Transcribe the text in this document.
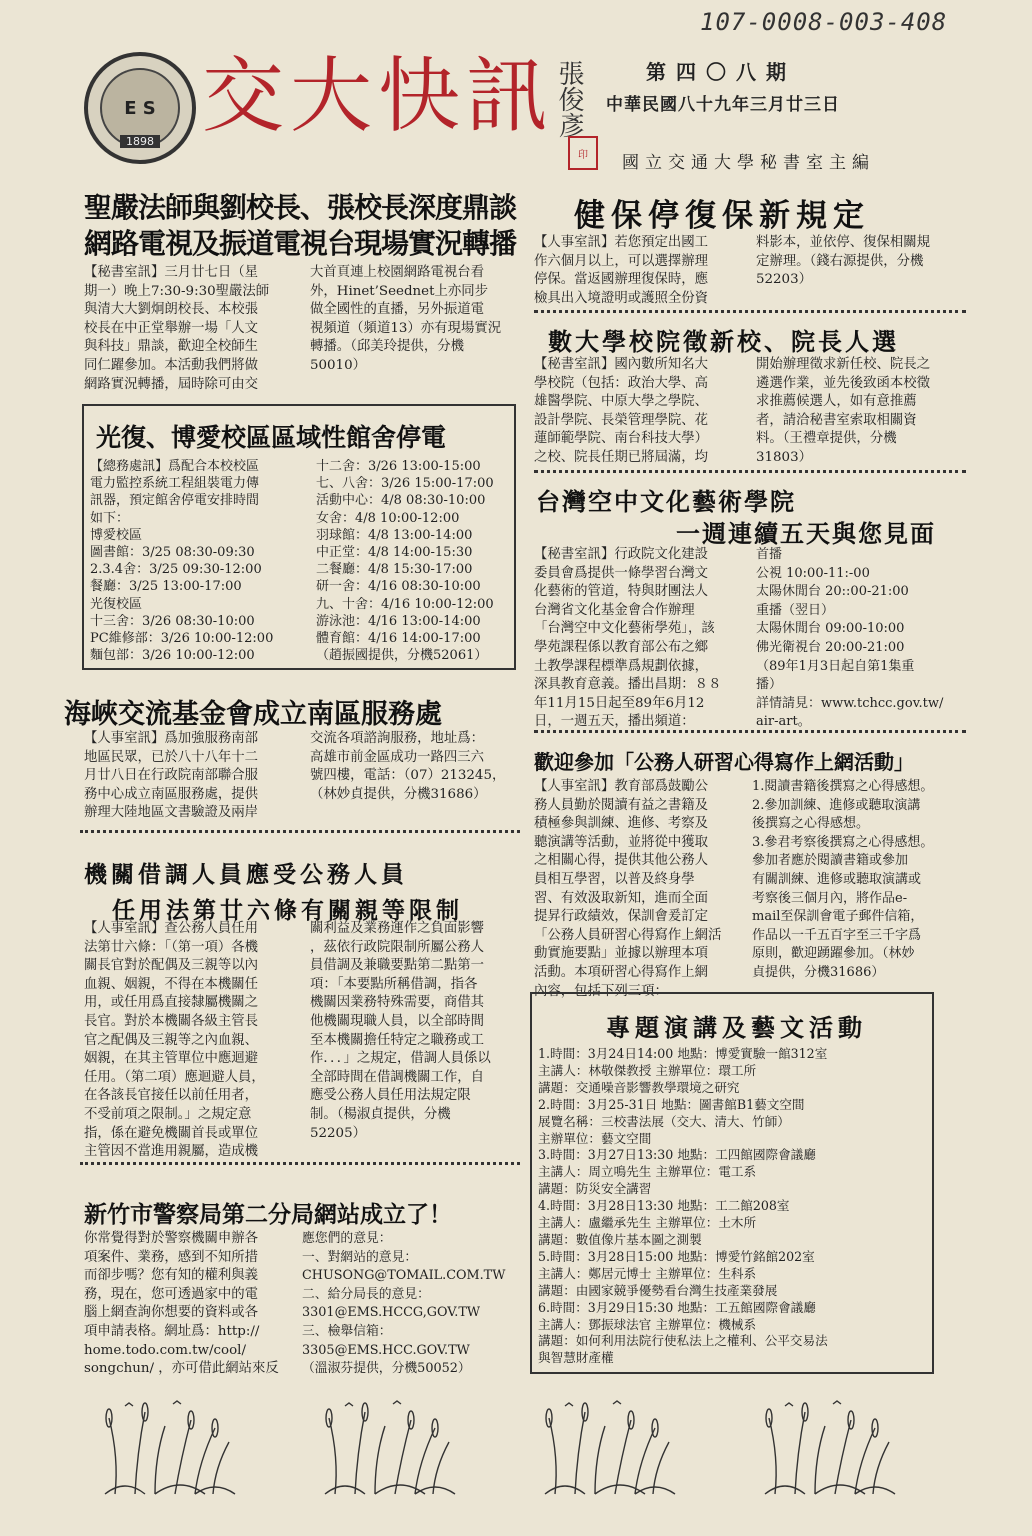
107-0008-003-408
E S
1898 交大快訊 張俊彥
印
第四〇八期
中華民國八十九年三月廿三日
國立交通大學秘書室主編
聖嚴法師與劉校長、張校長深度鼎談
網路電視及振道電視台現場實況轉播
【秘書室訊】三月廿七日（星
期一）晚上7:30-9:30聖嚴法師
與清大大劉炯朗校長、本校張
校長在中正堂舉辦一場「人文
與科技」鼎談，歡迎全校師生
同仁躍參加。本活動我們將做
網路實況轉播，屆時除可由交
大首頁連上校園網路電視台看
外，Hinet’Seednet上亦同步
做全國性的直播，另外振道電
視頻道（頻道13）亦有現場實況
轉播。（邱美玲提供，分機
50010）
光復、博愛校區區域性館舍停電
【總務處訊】爲配合本校校區
電力監控系統工程組裝電力傳
訊器，預定館舍停電安排時間
如下：
博愛校區
圖書館：3/25 08:30-09:30
2.3.4舍：3/25 09:30-12:00
餐廳：3/25 13:00-17:00
光復校區
十三舍：3/26 08:30-10:00
PC維修部：3/26 10:00-12:00
麵包部：3/26 10:00-12:00
十二舍：3/26 13:00-15:00
七、八舍：3/26 15:00-17:00
活動中心：4/8 08:30-10:00
女舍：4/8 10:00-12:00
羽球館：4/8 13:00-14:00
中正堂：4/8 14:00-15:30
二餐廳：4/8 15:30-17:00
研一舍：4/16 08:30-10:00
九、十舍：4/16 10:00-12:00
游泳池：4/16 13:00-14:00
體育館：4/16 14:00-17:00
（趙振國提供，分機52061）
海峽交流基金會成立南區服務處
【人事室訊】爲加強服務南部
地區民眾，已於八十八年十二
月廿八日在行政院南部聯合服
務中心成立南區服務處，提供
辦理大陸地區文書驗證及兩岸
交流各項諮詢服務，地址爲：
高雄市前金區成功一路四三六
號四樓，電話：（07）213245，
（林妙貞提供，分機31686）
機關借調人員應受公務人員
任用法第廿六條有關親等限制
【人事室訊】查公務人員任用
法第廿六條：「（第一項）各機
關長官對於配偶及三親等以內
血親、姻親，不得在本機關任
用，或任用爲直接隸屬機關之
長官。對於本機關各級主管長
官之配偶及三親等之內血親、
姻親，在其主管單位中應迴避
任用。（第二項）應迴避人員，
在各該長官接任以前任用者，
不受前項之限制。」之規定意
指，係在避免機關首長或單位
主管因不當進用親屬，造成機
關利益及業務運作之負面影響
，茲依行政院限制所屬公務人
員借調及兼職要點第二點第一
項：「本要點所稱借調，指各
機關因業務特殊需要，商借其
他機關現職人員，以全部時間
至本機關擔任特定之職務或工
作．．．」之規定，借調人員係以
全部時間在借調機關工作，自
應受公務人員任用法規定限
制。（楊淑貞提供，分機
52205）
新竹市警察局第二分局網站成立了！
你常覺得對於警察機關申辦各
項案件、業務，感到不知所措
而卻步嗎？您有知的權利與義
務，現在，您可透過家中的電
腦上網查詢你想要的資料或各
項申請表格。網址爲：http://
home.todo.com.tw/cool/
songchun/ ，亦可借此網站來反
應您們的意見：
一、對網站的意見：
CHUSONG@TOMAIL.COM.TW
二、給分局長的意見：
3301@EMS.HCCG,GOV.TW
三、檢舉信箱：
3305@EMS.HCC.GOV.TW
（溫淑芬提供，分機50052）
健保停復保新規定
【人事室訊】若您預定出國工
作六個月以上，可以選擇辦理
停保。當返國辦理復保時，應
檢具出入境證明或護照全份資
料影本，並依停、復保相關規
定辦理。（錢右源提供，分機
52203）
數大學校院徵新校、院長人選
【秘書室訊】國內數所知名大
學校院（包括：政治大學、高
雄醫學院、中原大學之學院、
設計學院、長榮管理學院、花
蓮師範學院、南台科技大學）
之校、院長任期已將屆滿，均
開始辦理徵求新任校、院長之
遴選作業，並先後致函本校徵
求推薦候選人，如有意推薦
者，請洽秘書室索取相關資
料。（王禮章提供，分機
31803）
台灣空中文化藝術學院
一週連續五天與您見面
【秘書室訊】行政院文化建設
委員會爲提供一條學習台灣文
化藝術的管道，特與財團法人
台灣省文化基金會合作辦理
「台灣空中文化藝術學苑」，該
學苑課程係以教育部公布之鄉
土教學課程標準爲規劃依據，
深具教育意義。播出昌期：８８
年11月15日起至89年6月12
日，一週五天，播出頻道：
首播
公視 10:00-11:-00
太陽休閒台 20::00-21:00
重播（翌日）
太陽休閒台 09:00-10:00
佛光衛視台 20:00-21:00
（89年1月3日起自第1集重
播）
詳情請見：www.tchcc.gov.tw/
air-art。
歡迎參加「公務人研習心得寫作上網活動」
【人事室訊】教育部爲鼓勵公
務人員勤於閱讀有益之書籍及
積極參與訓練、進修、考察及
聽演講等活動，並將從中獲取
之相關心得，提供其他公務人
員相互學習，以普及終身學
習、有效汲取新知，進而全面
提昇行政績效，保訓會爰訂定
「公務人員研習心得寫作上網活
動實施要點」並據以辦理本項
活動。本項研習心得寫作上網
內容，包括下列三項：
1.閱讀書籍後撰寫之心得感想。
2.參加訓練、進修或聽取演講
後撰寫之心得感想。
3.參君考察後撰寫之心得感想。
參加者應於閱讀書籍或參加
有關訓練、進修或聽取演講或
考察後三個月內，將作品e-
mail至保訓會電子郵件信箱，
作品以一千五百字至三千字爲
原則，歡迎踴躍參加。（林妙
貞提供，分機31686）
專題演講及藝文活動
1.時間：3月24日14:00 地點：博愛實驗一館312室
主講人：林敬傑教授 主辦單位：環工所
講題：交通噪音影響教學環境之研究
2.時間：3月25-31日 地點：圖書館B1藝文空間
展覽名稱：三校書法展（交大、清大、竹師）
主辦單位：藝文空間
3.時間：3月27日13:30 地點：工四館國際會議廳
主講人：周立鳴先生 主辦單位：電工系
講題：防災安全講習
4.時間：3月28日13:30 地點：工二館208室
主講人：盧繼承先生 主辦單位：土木所
講題：數值像片基本圖之測製
5.時間：3月28日15:00 地點：博愛竹銘館202室
主講人：鄭居元博士 主辦單位：生科系
講題：由國家競爭優勢看台灣生技產業發展
6.時間：3月29日15:30 地點：工五館國際會議廳
主講人：鄧振球法官 主辦單位：機械系
講題：如何利用法院行使私法上之權利、公平交易法
與智慧財產權
